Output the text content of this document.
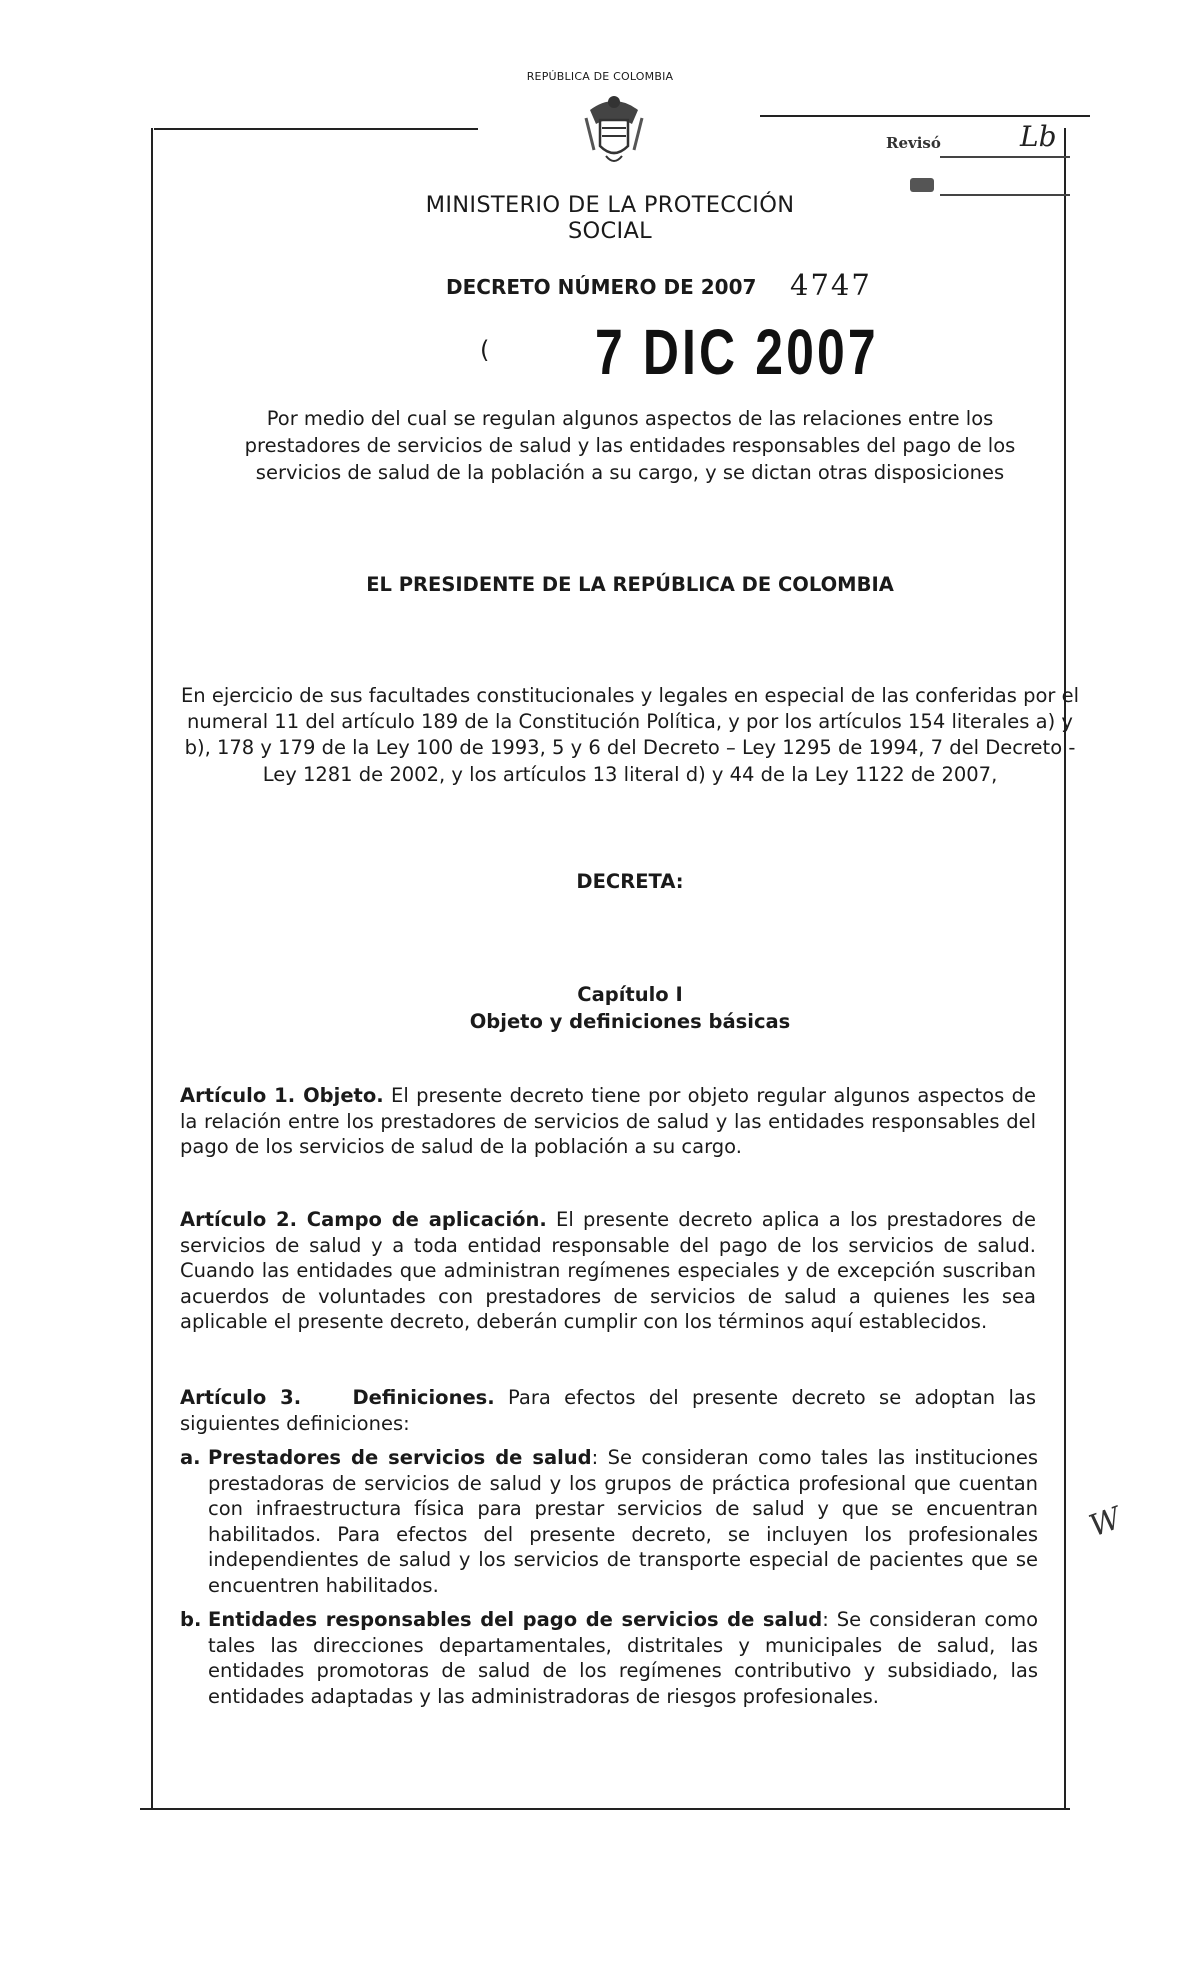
REPÚBLICA DE COLOMBIA
Revisó	Lb
MINISTERIO DE LA PROTECCIÓN SOCIAL
DECRETO NÚMERO DE 2007 4747
( 7 DIC 2007
Por medio del cual se regulan algunos aspectos de las relaciones entre los prestadores de servicios de salud y las entidades responsables del pago de los servicios de salud de la población a su cargo, y se dictan otras disposiciones
EL PRESIDENTE DE LA REPÚBLICA DE COLOMBIA
En ejercicio de sus facultades constitucionales y legales en especial de las conferidas por el numeral 11 del artículo 189 de la Constitución Política, y por los artículos 154 literales a) y b), 178 y 179 de la Ley 100 de 1993, 5 y 6 del Decreto – Ley 1295 de 1994, 7 del Decreto - Ley 1281 de 2002, y los artículos 13 literal d) y 44 de la Ley 1122 de 2007,
DECRETA:
Capítulo I
Objeto y definiciones básicas
Artículo 1. Objeto. El presente decreto tiene por objeto regular algunos aspectos de la relación entre los prestadores de servicios de salud y las entidades responsables del pago de los servicios de salud de la población a su cargo.
Artículo 2. Campo de aplicación. El presente decreto aplica a los prestadores de servicios de salud y a toda entidad responsable del pago de los servicios de salud. Cuando las entidades que administran regímenes especiales y de excepción suscriban acuerdos de voluntades con prestadores de servicios de salud a quienes les sea aplicable el presente decreto, deberán cumplir con los términos aquí establecidos.
Artículo 3.	Definiciones. Para efectos del presente decreto se adoptan las siguientes definiciones:
a. Prestadores de servicios de salud: Se consideran como tales las instituciones prestadoras de servicios de salud y los grupos de práctica profesional que cuentan con infraestructura física para prestar servicios de salud y que se encuentran habilitados. Para efectos del presente decreto, se incluyen los profesionales independientes de salud y los servicios de transporte especial de pacientes que se encuentren habilitados.
b. Entidades responsables del pago de servicios de salud: Se consideran como tales las direcciones departamentales, distritales y municipales de salud, las entidades promotoras de salud de los regímenes contributivo y subsidiado, las entidades adaptadas y las administradoras de riesgos profesionales.
W
